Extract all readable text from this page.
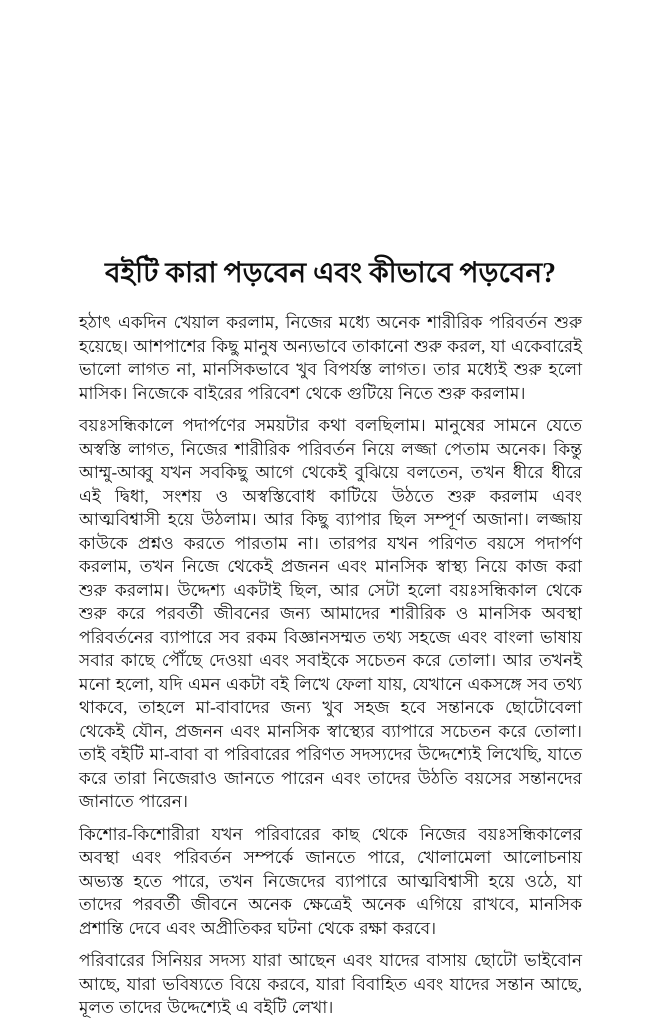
বইটি কারা পড়বেন এবং কীভাবে পড়বেন?

হঠাৎ একদিন খেয়াল করলাম, নিজের মধ্যে অনেক শারীরিক পরিবর্তন শুরু হয়েছে। আশপাশের কিছু মানুষ অন্যভাবে তাকানো শুরু করল, যা একেবারেই ভালো লাগত না, মানসিকভাবে খুব বিপর্যস্ত লাগত। তার মধ্যেই শুরু হলো মাসিক। নিজেকে বাইরের পরিবেশ থেকে গুটিয়ে নিতে শুরু করলাম।

বয়ঃসন্ধিকালে পদার্পণের সময়টার কথা বলছিলাম। মানুষের সামনে যেতে অস্বস্তি লাগত, নিজের শারীরিক পরিবর্তন নিয়ে লজ্জা পেতাম অনেক। কিন্তু আম্মু-আব্বু যখন সবকিছু আগে থেকেই বুঝিয়ে বলতেন, তখন ধীরে ধীরে এই দ্বিধা, সংশয় ও অস্বস্তিবোধ কাটিয়ে উঠতে শুরু করলাম এবং আত্মবিশ্বাসী হয়ে উঠলাম। আর কিছু ব্যাপার ছিল সম্পূর্ণ অজানা। লজ্জায় কাউকে প্রশ্নও করতে পারতাম না। তারপর যখন পরিণত বয়সে পদার্পণ করলাম, তখন নিজে থেকেই প্রজনন এবং মানসিক স্বাস্থ্য নিয়ে কাজ করা শুরু করলাম। উদ্দেশ্য একটাই ছিল, আর সেটা হলো বয়ঃসন্ধিকাল থেকে শুরু করে পরবর্তী জীবনের জন্য আমাদের শারীরিক ও মানসিক অবস্থা পরিবর্তনের ব্যাপারে সব রকম বিজ্ঞানসম্মত তথ্য সহজে এবং বাংলা ভাষায় সবার কাছে পৌঁছে দেওয়া এবং সবাইকে সচেতন করে তোলা। আর তখনই মনো হলো, যদি এমন একটা বই লিখে ফেলা যায়, যেখানে একসঙ্গে সব তথ্য থাকবে, তাহলে মা-বাবাদের জন্য খুব সহজ হবে সন্তানকে ছোটোবেলা থেকেই যৌন, প্রজনন এবং মানসিক স্বাস্থ্যের ব্যাপারে সচেতন করে তোলা। তাই বইটি মা-বাবা বা পরিবারের পরিণত সদস্যদের উদ্দেশ্যেই লিখেছি, যাতে করে তারা নিজেরাও জানতে পারেন এবং তাদের উঠতি বয়সের সন্তানদের জানাতে পারেন।

কিশোর-কিশোরীরা যখন পরিবারের কাছ থেকে নিজের বয়ঃসন্ধিকালের অবস্থা এবং পরিবর্তন সম্পর্কে জানতে পারে, খোলামেলা আলোচনায় অভ্যস্ত হতে পারে, তখন নিজেদের ব্যাপারে আত্মবিশ্বাসী হয়ে ওঠে, যা তাদের পরবর্তী জীবনে অনেক ক্ষেত্রেই অনেক এগিয়ে রাখবে, মানসিক প্রশান্তি দেবে এবং অপ্রীতিকর ঘটনা থেকে রক্ষা করবে।

পরিবারের সিনিয়র সদস্য যারা আছেন এবং যাদের বাসায় ছোটো ভাইবোন আছে, যারা ভবিষ্যতে বিয়ে করবে, যারা বিবাহিত এবং যাদের সন্তান আছে, মূলত তাদের উদ্দেশ্যেই এ বইটি লেখা।
